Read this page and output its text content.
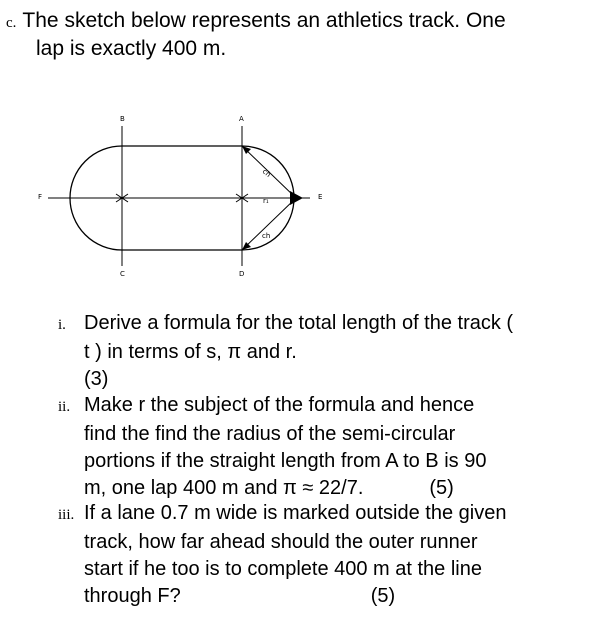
c. The sketch below represents an athletics track. One
lap is exactly 400 m.
B	A
F	E
C	D
ch
r₁
ch
i. Derive a formula for the total length of the track (
t ) in terms of s, π and r.
(3)
ii. Make r the subject of the formula and hence
find the find the radius of the semi-circular
portions if the straight length from A to B is 90
m, one lap 400 m and π ≈ 22/7.	(5)
iii. If a lane 0.7 m wide is marked outside the given
track, how far ahead should the outer runner
start if he too is to complete 400 m at the line
through F?	(5)
